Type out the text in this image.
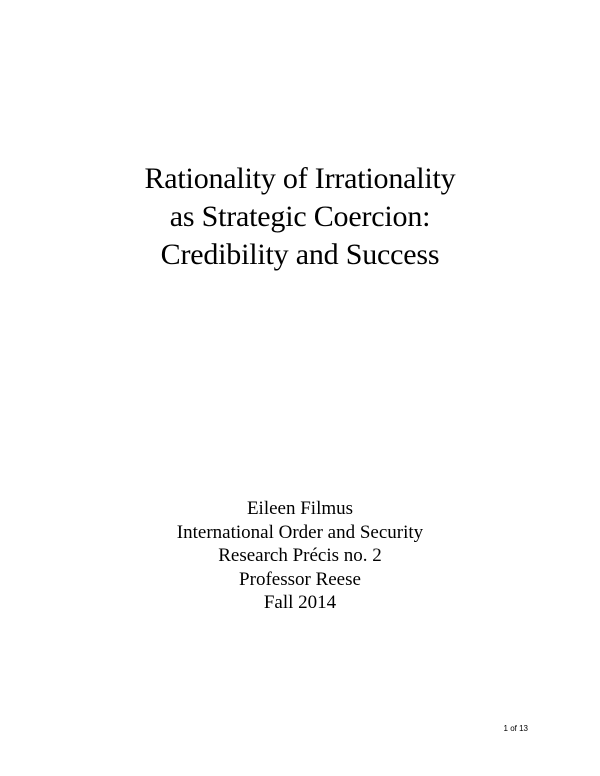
Rationality of Irrationality
as Strategic Coercion:
Credibility and Success
Eileen Filmus
International Order and Security
Research Précis no. 2
Professor Reese
Fall 2014
1 of 13
